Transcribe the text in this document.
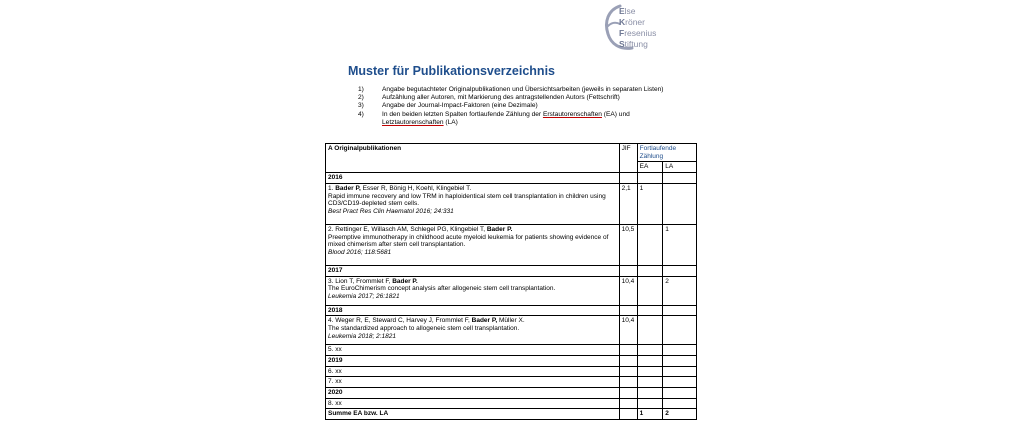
Else
Kröner
Fresenius
Stiftung
Muster für Publikationsverzeichnis
1)	Angabe begutachteter Originalpublikationen und Übersichtsarbeiten (jeweils in separaten Listen)
2)	Aufzählung aller Autoren, mit Markierung des antragstellenden Autors (Fettschrift)
3)	Angabe der Journal-Impact-Faktoren (eine Dezimale)
4)	In den beiden letzten Spalten fortlaufende Zählung der Erstautorenschaften (EA) und Letztautorenschaften (LA)
A Originalpublikationen	JIF	Fortlaufende Zählung	
		EA	LA
2016			
1. Bader P, Esser R, Bönig H, Koehl, Klingebiel T.
Rapid immune recovery and low TRM in haploidentical stem cell transplantation in children using CD3/CD19-depleted stem cells.
Best Pract Res Clin Haematol 2016; 24:331	2,1	1	
2. Rettinger E, Willasch AM, Schlegel PG, Klingebiel T, Bader P.
Preemptive immunotherapy in childhood acute myeloid leukemia for patients showing evidence of mixed chimerism after stem cell transplantation.
Blood 2016; 118:5681	10,5		1
2017			
3. Lion T, Frommlet F, Bader P.
The EuroChimerism concept analysis after allogeneic stem cell transplantation.
Leukemia 2017; 26:1821	10,4		2
2018			
4. Weger R, E, Steward C, Harvey J, Frommlet F, Bader P, Müller X.
The standardized approach to allogeneic stem cell transplantation.
Leukemia 2018; 2:1821	10,4		
5. xx			
2019			
6. xx			
7. xx			
2020			
8. xx			
Summe EA bzw. LA		1	2
